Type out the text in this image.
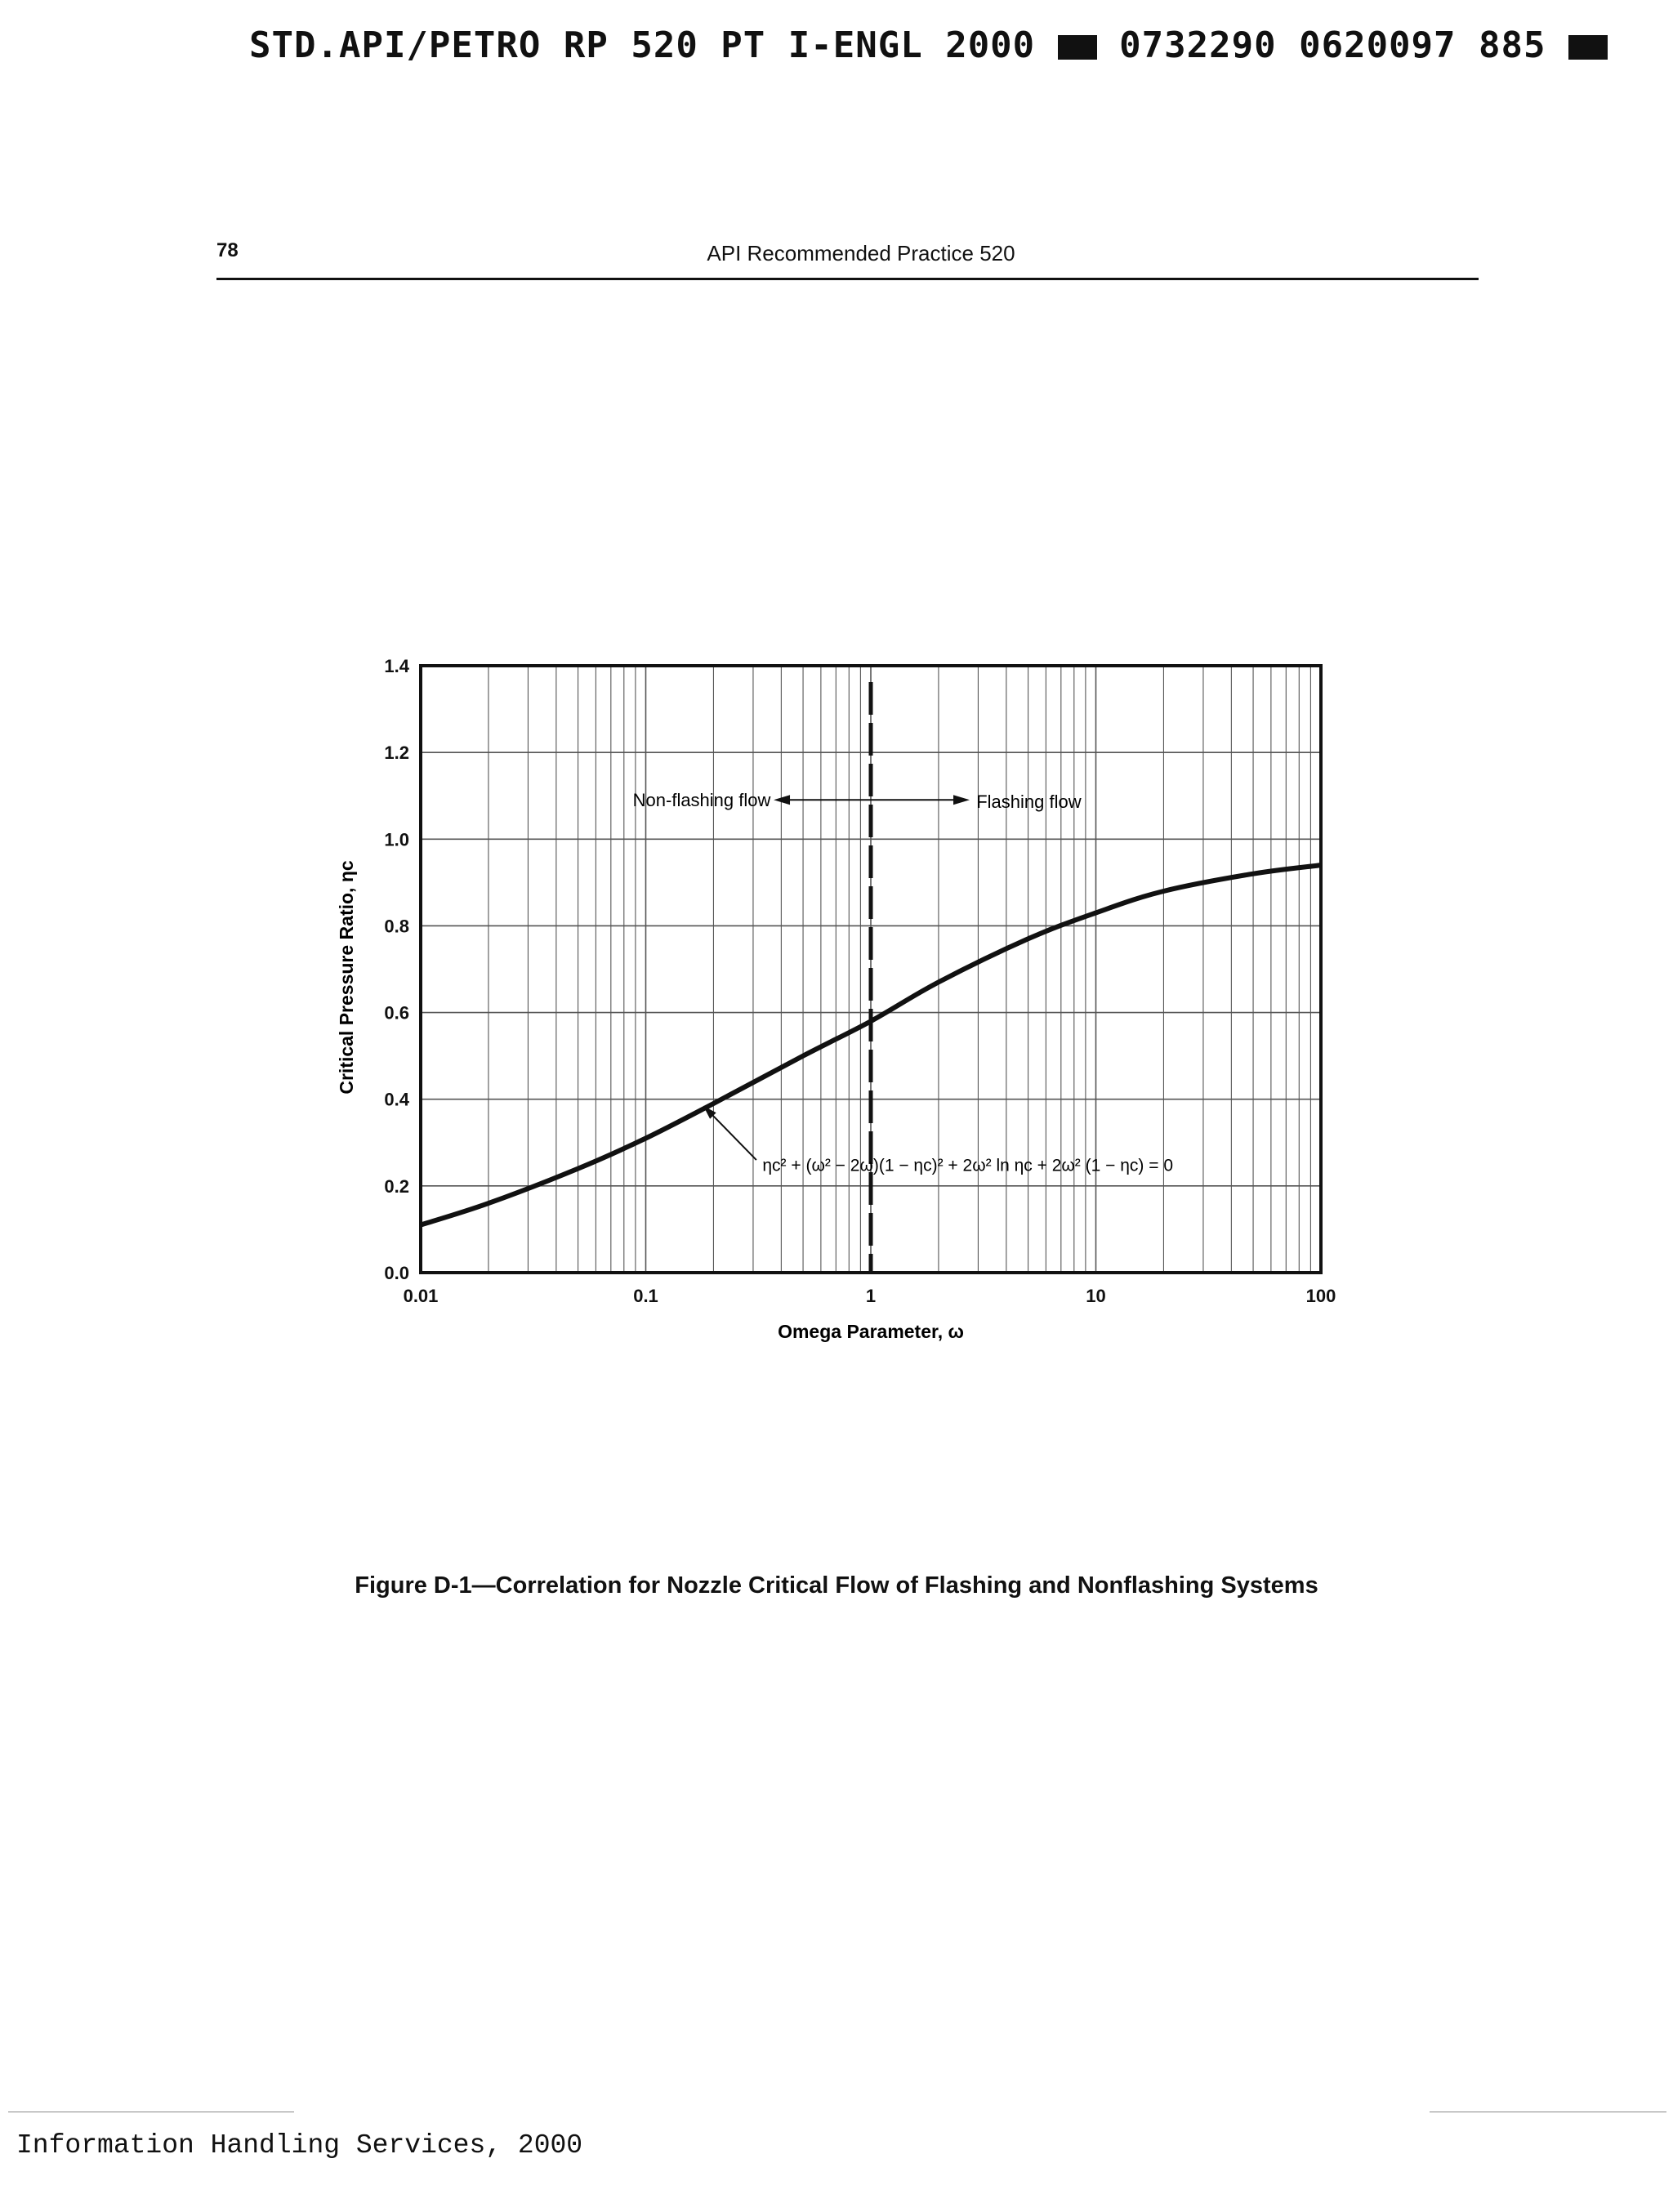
STD.API/PETRO RP 520 PT I-ENGL 2000 0732290 0620097 885
78	API Recommended Practice 520
0.01	0.1	1	10	100
0.0
0.2
0.4
0.6
0.8
1.0
1.2
1.4
Non-flashing flow	Flashing flow
ηc² + (ω² − 2ω)(1 − ηc)² + 2ω² ln ηc + 2ω² (1 − ηc) = 0
Omega Parameter, ω
Critical Pressure Ratio, ηc
Figure D-1—Correlation for Nozzle Critical Flow of Flashing and Nonflashing Systems
Information Handling Services, 2000
